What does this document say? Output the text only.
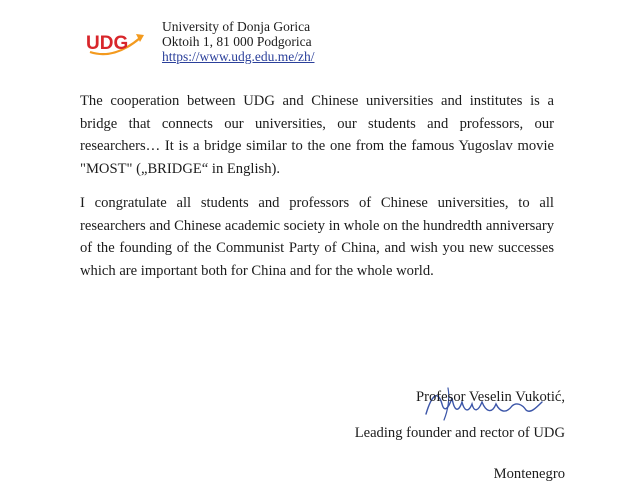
UDG
University of Donja Gorica
Oktoih 1, 81 000 Podgorica
https://www.udg.edu.me/zh/

The cooperation between UDG and Chinese universities and institutes is a bridge that connects our universities, our students and professors, our researchers… It is a bridge similar to the one from the famous Yugoslav movie "MOST" („BRIDGE“ in English).

I congratulate all students and professors of Chinese universities, to all researchers and Chinese academic society in whole on the hundredth anniversary of the founding of the Communist Party of China, and wish you new successes which are important both for China and for the whole world.

Profesor Veselin Vukotić,
Leading founder and rector of UDG
Montenegro
